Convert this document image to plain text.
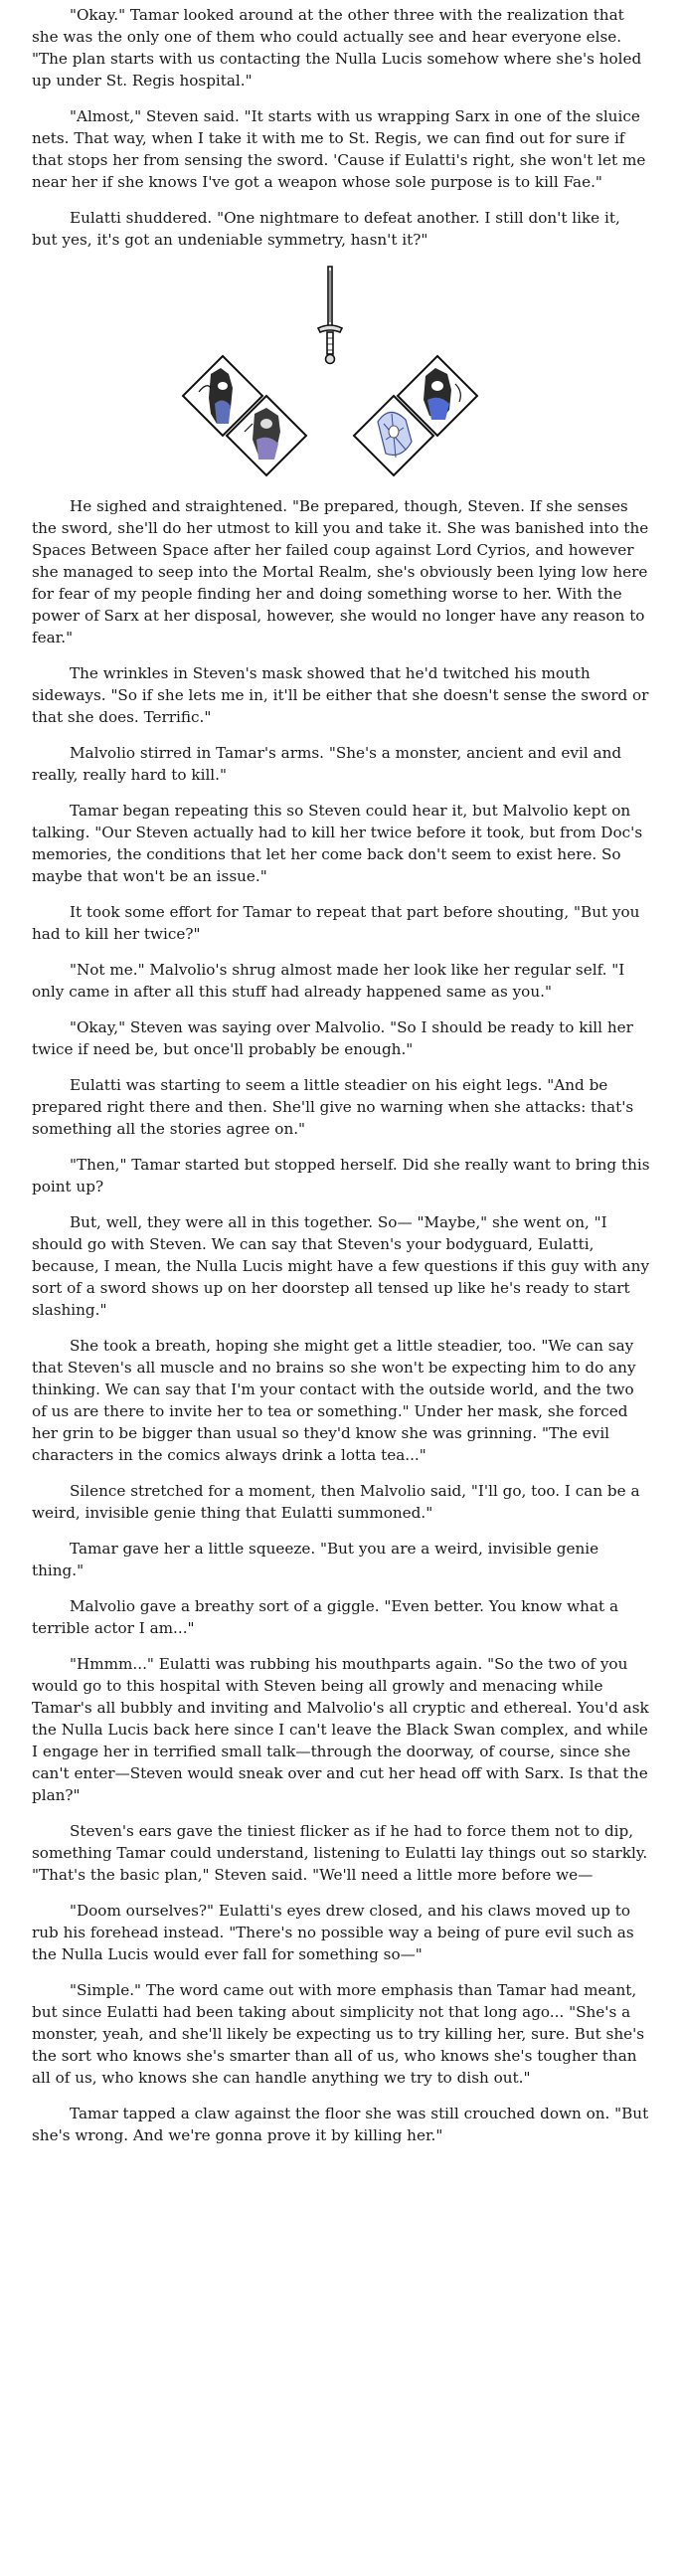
"Okay." Tamar looked around at the other three with the realization that she was the only one of them who could actually see and hear everyone else. "The plan starts with us contacting the Nulla Lucis somehow where she's holed up under St. Regis hospital."

"Almost," Steven said. "It starts with us wrapping Sarx in one of the sluice nets. That way, when I take it with me to St. Regis, we can find out for sure if that stops her from sensing the sword. 'Cause if Eulatti's right, she won't let me near her if she knows I've got a weapon whose sole purpose is to kill Fae."

Eulatti shuddered. "One nightmare to defeat another. I still don't like it, but yes, it's got an undeniable symmetry, hasn't it?"

He sighed and straightened. "Be prepared, though, Steven. If she senses the sword, she'll do her utmost to kill you and take it. She was banished into the Spaces Between Space after her failed coup against Lord Cyrios, and however she managed to seep into the Mortal Realm, she's obviously been lying low here for fear of my people finding her and doing something worse to her. With the power of Sarx at her disposal, however, she would no longer have any reason to fear."

The wrinkles in Steven's mask showed that he'd twitched his mouth sideways. "So if she lets me in, it'll be either that she doesn't sense the sword or that she does. Terrific."

Malvolio stirred in Tamar's arms. "She's a monster, ancient and evil and really, really hard to kill."

Tamar began repeating this so Steven could hear it, but Malvolio kept on talking. "Our Steven actually had to kill her twice before it took, but from Doc's memories, the conditions that let her come back don't seem to exist here. So maybe that won't be an issue."

It took some effort for Tamar to repeat that part before shouting, "But you had to kill her twice?"

"Not me." Malvolio's shrug almost made her look like her regular self. "I only came in after all this stuff had already happened same as you."

"Okay," Steven was saying over Malvolio. "So I should be ready to kill her twice if need be, but once'll probably be enough."

Eulatti was starting to seem a little steadier on his eight legs. "And be prepared right there and then. She'll give no warning when she attacks: that's something all the stories agree on."

"Then," Tamar started but stopped herself. Did she really want to bring this point up?

But, well, they were all in this together. So— "Maybe," she went on, "I should go with Steven. We can say that Steven's your bodyguard, Eulatti, because, I mean, the Nulla Lucis might have a few questions if this guy with any sort of a sword shows up on her doorstep all tensed up like he's ready to start slashing."

She took a breath, hoping she might get a little steadier, too. "We can say that Steven's all muscle and no brains so she won't be expecting him to do any thinking. We can say that I'm your contact with the outside world, and the two of us are there to invite her to tea or something." Under her mask, she forced her grin to be bigger than usual so they'd know she was grinning. "The evil characters in the comics always drink a lotta tea..."

Silence stretched for a moment, then Malvolio said, "I'll go, too. I can be a weird, invisible genie thing that Eulatti summoned."

Tamar gave her a little squeeze. "But you are a weird, invisible genie thing."

Malvolio gave a breathy sort of a giggle. "Even better. You know what a terrible actor I am..."

"Hmmm..." Eulatti was rubbing his mouthparts again. "So the two of you would go to this hospital with Steven being all growly and menacing while Tamar's all bubbly and inviting and Malvolio's all cryptic and ethereal. You'd ask the Nulla Lucis back here since I can't leave the Black Swan complex, and while I engage her in terrified small talk—through the doorway, of course, since she can't enter—Steven would sneak over and cut her head off with Sarx. Is that the plan?"

Steven's ears gave the tiniest flicker as if he had to force them not to dip, something Tamar could understand, listening to Eulatti lay things out so starkly. "That's the basic plan," Steven said. "We'll need a little more before we—

"Doom ourselves?" Eulatti's eyes drew closed, and his claws moved up to rub his forehead instead. "There's no possible way a being of pure evil such as the Nulla Lucis would ever fall for something so—"

"Simple." The word came out with more emphasis than Tamar had meant, but since Eulatti had been taking about simplicity not that long ago... "She's a monster, yeah, and she'll likely be expecting us to try killing her, sure. But she's the sort who knows she's smarter than all of us, who knows she's tougher than all of us, who knows she can handle anything we try to dish out."

Tamar tapped a claw against the floor she was still crouched down on. "But she's wrong. And we're gonna prove it by killing her."
